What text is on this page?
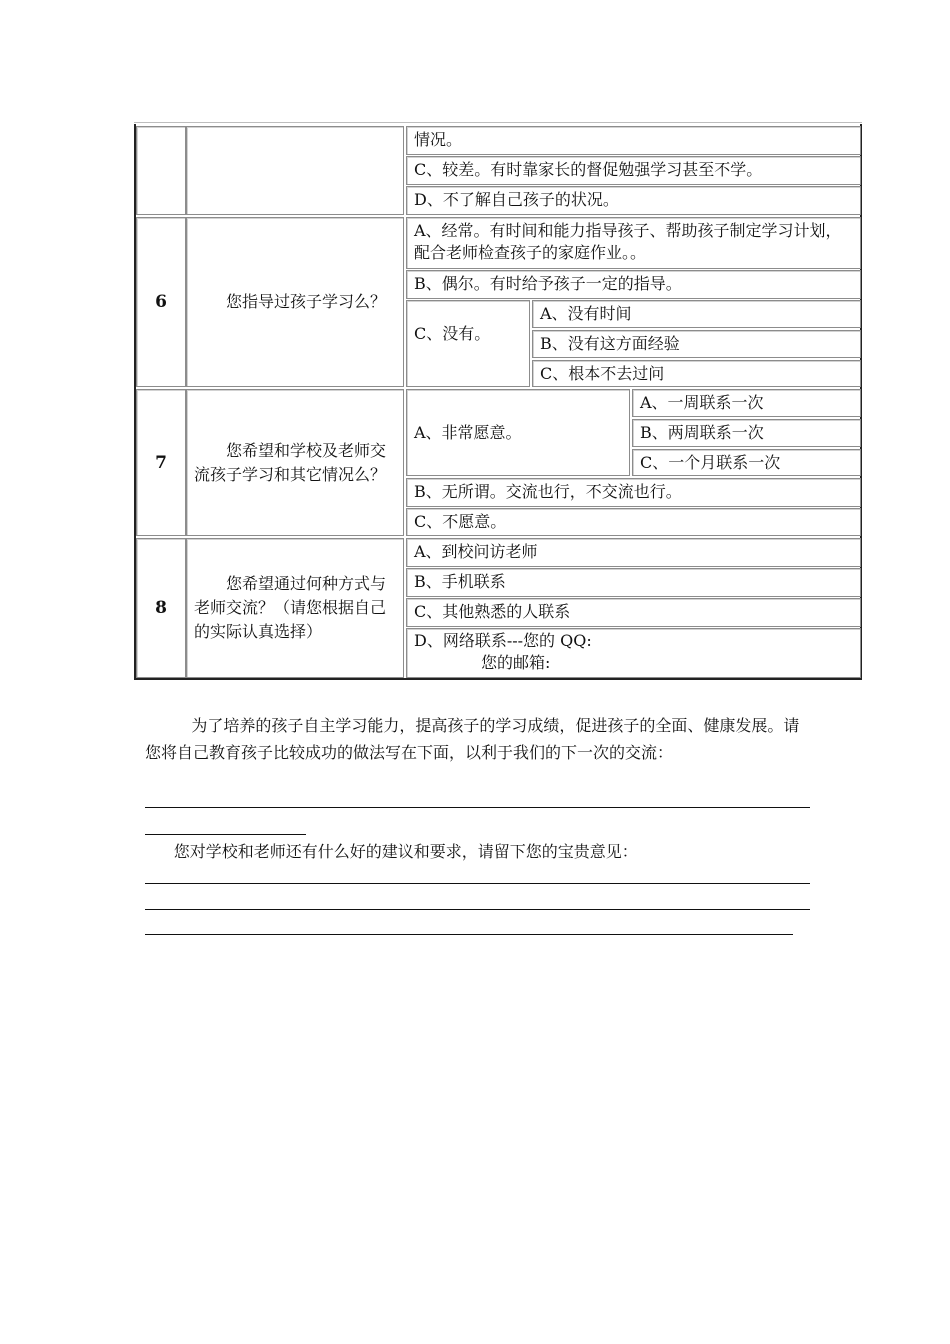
情况。
C、较差。有时靠家长的督促勉强学习甚至不学。
D、不了解自己孩子的状况。
6	您指导过孩子学习么？
A、经常。有时间和能力指导孩子、帮助孩子制定学习计划，配合老师检查孩子的家庭作业。。
B、偶尔。有时给予孩子一定的指导。
C、没有。
A、没有时间
B、没有这方面经验
C、根本不去过问
7
您希望和学校及老师交流孩子学习和其它情况么？
A、非常愿意。
A、一周联系一次
B、两周联系一次
C、一个月联系一次
B、无所谓。交流也行，不交流也行。
C、不愿意。
8
您希望通过何种方式与老师交流？（请您根据自己的实际认真选择）
A、到校问访老师
B、手机联系
C、其他熟悉的人联系
D、网络联系---您的 QQ:
您的邮箱:

为了培养的孩子自主学习能力，提高孩子的学习成绩，促进孩子的全面、健康发展。请您将自己教育孩子比较成功的做法写在下面，以利于我们的下一次的交流：

您对学校和老师还有什么好的建议和要求，请留下您的宝贵意见：
